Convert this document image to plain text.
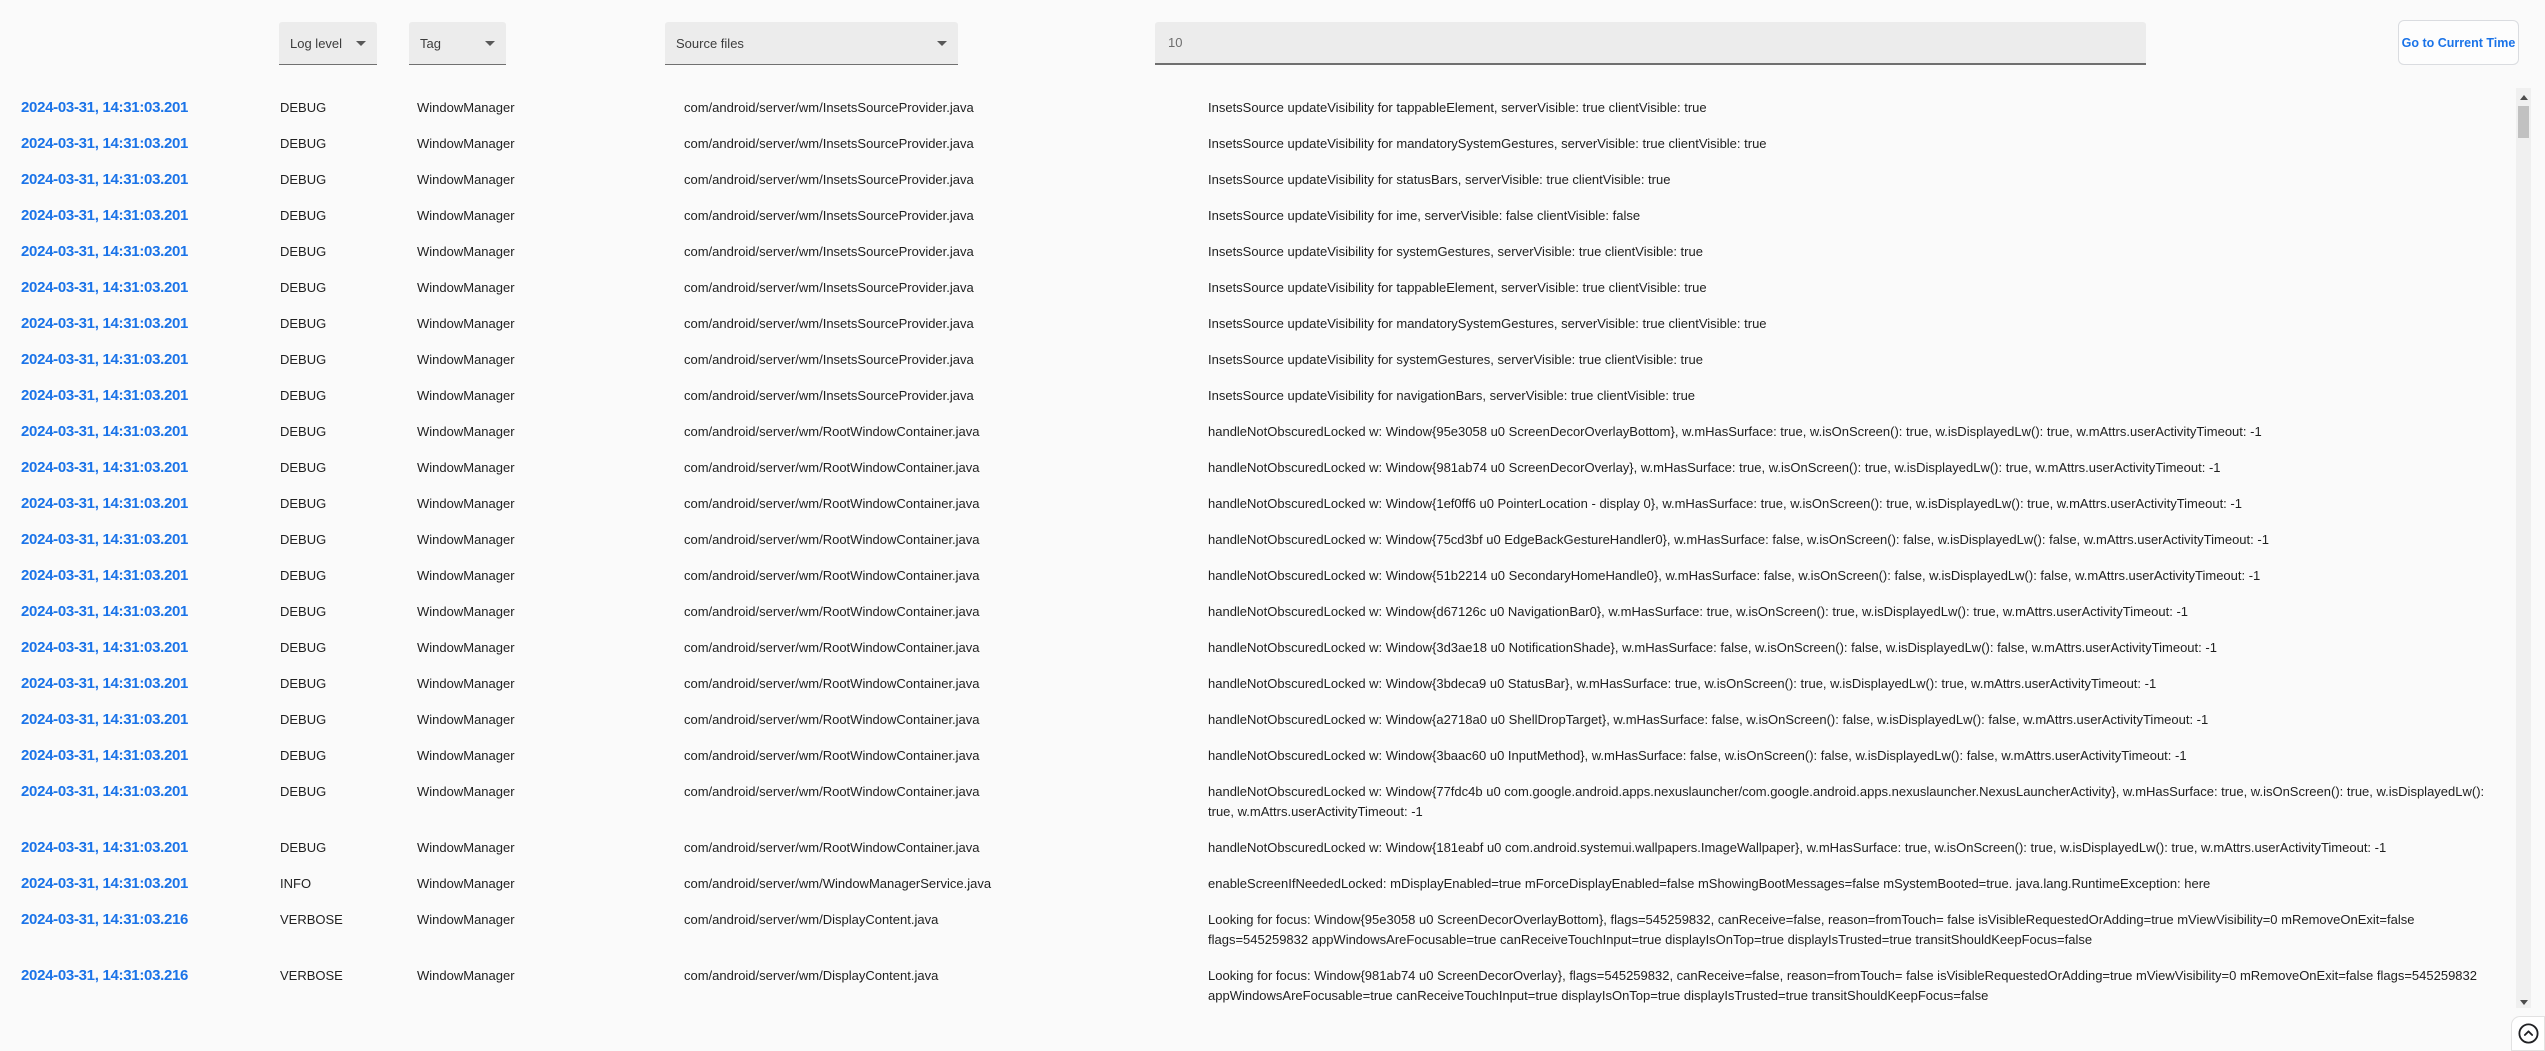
Log level	Tag	Source files
10	Go to Current Time
2024-03-31, 14:31:03.201	DEBUG	WindowManager	com/android/server/wm/InsetsSourceProvider.java	InsetsSource updateVisibility for tappableElement, serverVisible: true clientVisible: true
2024-03-31, 14:31:03.201	DEBUG	WindowManager	com/android/server/wm/InsetsSourceProvider.java	InsetsSource updateVisibility for mandatorySystemGestures, serverVisible: true clientVisible: true
2024-03-31, 14:31:03.201	DEBUG	WindowManager	com/android/server/wm/InsetsSourceProvider.java	InsetsSource updateVisibility for statusBars, serverVisible: true clientVisible: true
2024-03-31, 14:31:03.201	DEBUG	WindowManager	com/android/server/wm/InsetsSourceProvider.java	InsetsSource updateVisibility for ime, serverVisible: false clientVisible: false
2024-03-31, 14:31:03.201	DEBUG	WindowManager	com/android/server/wm/InsetsSourceProvider.java	InsetsSource updateVisibility for systemGestures, serverVisible: true clientVisible: true
2024-03-31, 14:31:03.201	DEBUG	WindowManager	com/android/server/wm/InsetsSourceProvider.java	InsetsSource updateVisibility for tappableElement, serverVisible: true clientVisible: true
2024-03-31, 14:31:03.201	DEBUG	WindowManager	com/android/server/wm/InsetsSourceProvider.java	InsetsSource updateVisibility for mandatorySystemGestures, serverVisible: true clientVisible: true
2024-03-31, 14:31:03.201	DEBUG	WindowManager	com/android/server/wm/InsetsSourceProvider.java	InsetsSource updateVisibility for systemGestures, serverVisible: true clientVisible: true
2024-03-31, 14:31:03.201	DEBUG	WindowManager	com/android/server/wm/InsetsSourceProvider.java	InsetsSource updateVisibility for navigationBars, serverVisible: true clientVisible: true
2024-03-31, 14:31:03.201	DEBUG	WindowManager	com/android/server/wm/RootWindowContainer.java	handleNotObscuredLocked w: Window{95e3058 u0 ScreenDecorOverlayBottom}, w.mHasSurface: true, w.isOnScreen(): true, w.isDisplayedLw(): true, w.mAttrs.userActivityTimeout: -1
2024-03-31, 14:31:03.201	DEBUG	WindowManager	com/android/server/wm/RootWindowContainer.java	handleNotObscuredLocked w: Window{981ab74 u0 ScreenDecorOverlay}, w.mHasSurface: true, w.isOnScreen(): true, w.isDisplayedLw(): true, w.mAttrs.userActivityTimeout: -1
2024-03-31, 14:31:03.201	DEBUG	WindowManager	com/android/server/wm/RootWindowContainer.java	handleNotObscuredLocked w: Window{1ef0ff6 u0 PointerLocation - display 0}, w.mHasSurface: true, w.isOnScreen(): true, w.isDisplayedLw(): true, w.mAttrs.userActivityTimeout: -1
2024-03-31, 14:31:03.201	DEBUG	WindowManager	com/android/server/wm/RootWindowContainer.java	handleNotObscuredLocked w: Window{75cd3bf u0 EdgeBackGestureHandler0}, w.mHasSurface: false, w.isOnScreen(): false, w.isDisplayedLw(): false, w.mAttrs.userActivityTimeout: -1
2024-03-31, 14:31:03.201	DEBUG	WindowManager	com/android/server/wm/RootWindowContainer.java	handleNotObscuredLocked w: Window{51b2214 u0 SecondaryHomeHandle0}, w.mHasSurface: false, w.isOnScreen(): false, w.isDisplayedLw(): false, w.mAttrs.userActivityTimeout: -1
2024-03-31, 14:31:03.201	DEBUG	WindowManager	com/android/server/wm/RootWindowContainer.java	handleNotObscuredLocked w: Window{d67126c u0 NavigationBar0}, w.mHasSurface: true, w.isOnScreen(): true, w.isDisplayedLw(): true, w.mAttrs.userActivityTimeout: -1
2024-03-31, 14:31:03.201	DEBUG	WindowManager	com/android/server/wm/RootWindowContainer.java	handleNotObscuredLocked w: Window{3d3ae18 u0 NotificationShade}, w.mHasSurface: false, w.isOnScreen(): false, w.isDisplayedLw(): false, w.mAttrs.userActivityTimeout: -1
2024-03-31, 14:31:03.201	DEBUG	WindowManager	com/android/server/wm/RootWindowContainer.java	handleNotObscuredLocked w: Window{3bdeca9 u0 StatusBar}, w.mHasSurface: true, w.isOnScreen(): true, w.isDisplayedLw(): true, w.mAttrs.userActivityTimeout: -1
2024-03-31, 14:31:03.201	DEBUG	WindowManager	com/android/server/wm/RootWindowContainer.java	handleNotObscuredLocked w: Window{a2718a0 u0 ShellDropTarget}, w.mHasSurface: false, w.isOnScreen(): false, w.isDisplayedLw(): false, w.mAttrs.userActivityTimeout: -1
2024-03-31, 14:31:03.201	DEBUG	WindowManager	com/android/server/wm/RootWindowContainer.java	handleNotObscuredLocked w: Window{3baac60 u0 InputMethod}, w.mHasSurface: false, w.isOnScreen(): false, w.isDisplayedLw(): false, w.mAttrs.userActivityTimeout: -1
2024-03-31, 14:31:03.201	DEBUG	WindowManager	com/android/server/wm/RootWindowContainer.java	handleNotObscuredLocked w: Window{77fdc4b u0 com.google.android.apps.nexuslauncher/com.google.android.apps.nexuslauncher.NexusLauncherActivity}, w.mHasSurface: true, w.isOnScreen(): true, w.isDisplayedLw(): true, w.mAttrs.userActivityTimeout: -1
2024-03-31, 14:31:03.201	DEBUG	WindowManager	com/android/server/wm/RootWindowContainer.java	handleNotObscuredLocked w: Window{181eabf u0 com.android.systemui.wallpapers.ImageWallpaper}, w.mHasSurface: true, w.isOnScreen(): true, w.isDisplayedLw(): true, w.mAttrs.userActivityTimeout: -1
2024-03-31, 14:31:03.201	INFO	WindowManager	com/android/server/wm/WindowManagerService.java	enableScreenIfNeededLocked: mDisplayEnabled=true mForceDisplayEnabled=false mShowingBootMessages=false mSystemBooted=true. java.lang.RuntimeException: here
2024-03-31, 14:31:03.216	VERBOSE	WindowManager	com/android/server/wm/DisplayContent.java	Looking for focus: Window{95e3058 u0 ScreenDecorOverlayBottom}, flags=545259832, canReceive=false, reason=fromTouch= false isVisibleRequestedOrAdding=true mViewVisibility=0 mRemoveOnExit=false flags=545259832 appWindowsAreFocusable=true canReceiveTouchInput=true displayIsOnTop=true displayIsTrusted=true transitShouldKeepFocus=false
2024-03-31, 14:31:03.216	VERBOSE	WindowManager	com/android/server/wm/DisplayContent.java	Looking for focus: Window{981ab74 u0 ScreenDecorOverlay}, flags=545259832, canReceive=false, reason=fromTouch= false isVisibleRequestedOrAdding=true mViewVisibility=0 mRemoveOnExit=false flags=545259832 appWindowsAreFocusable=true canReceiveTouchInput=true displayIsOnTop=true displayIsTrusted=true transitShouldKeepFocus=false
